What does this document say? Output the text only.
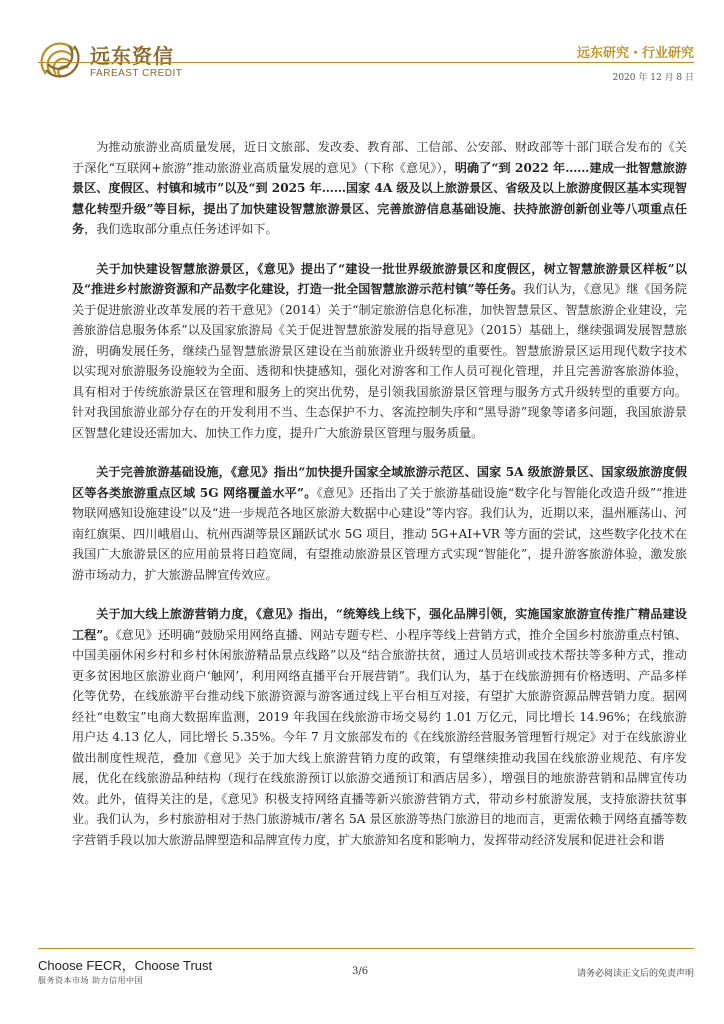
远东资信
FAREAST CREDIT
远东研究・行业研究
2020 年 12 月 8 日

为推动旅游业高质量发展，近日文旅部、发改委、教育部、工信部、公安部、财政部等十部门联合发布的《关于深化“互联网+旅游”推动旅游业高质量发展的意见》（下称《意见》），明确了“到 2022 年……建成一批智慧旅游景区、度假区、村镇和城市”以及“到 2025 年……国家 4A 级及以上旅游景区、省级及以上旅游度假区基本实现智慧化转型升级”等目标，提出了加快建设智慧旅游景区、完善旅游信息基础设施、扶持旅游创新创业等八项重点任务，我们选取部分重点任务述评如下。

关于加快建设智慧旅游景区，《意见》提出了“建设一批世界级旅游景区和度假区，树立智慧旅游景区样板”以及“推进乡村旅游资源和产品数字化建设，打造一批全国智慧旅游示范村镇”等任务。我们认为，《意见》继《国务院关于促进旅游业改革发展的若干意见》（2014）关于“制定旅游信息化标准，加快智慧景区、智慧旅游企业建设，完善旅游信息服务体系”以及国家旅游局《关于促进智慧旅游发展的指导意见》（2015）基础上，继续强调发展智慧旅游，明确发展任务，继续凸显智慧旅游景区建设在当前旅游业升级转型的重要性。智慧旅游景区运用现代数字技术以实现对旅游服务设施较为全面、透彻和快捷感知，强化对游客和工作人员可视化管理，并且完善游客旅游体验，具有相对于传统旅游景区在管理和服务上的突出优势，是引领我国旅游景区管理与服务方式升级转型的重要方向。针对我国旅游业部分存在的开发利用不当、生态保护不力、客流控制失序和“黑导游”现象等诸多问题，我国旅游景区智慧化建设还需加大、加快工作力度，提升广大旅游景区管理与服务质量。

关于完善旅游基础设施，《意见》指出“加快提升国家全域旅游示范区、国家 5A 级旅游景区、国家级旅游度假区等各类旅游重点区域 5G 网络覆盖水平”。《意见》还指出了关于旅游基础设施“数字化与智能化改造升级”“推进物联网感知设施建设”以及“进一步规范各地区旅游大数据中心建设”等内容。我们认为，近期以来，温州雁荡山、河南红旗渠、四川峨眉山、杭州西湖等景区踊跃试水 5G 项目，推动 5G+AI+VR 等方面的尝试，这些数字化技术在我国广大旅游景区的应用前景将日趋宽阔，有望推动旅游景区管理方式实现“智能化”，提升游客旅游体验，激发旅游市场动力，扩大旅游品牌宣传效应。

关于加大线上旅游营销力度，《意见》指出，“统筹线上线下，强化品牌引领，实施国家旅游宣传推广精品建设工程”。《意见》还明确“鼓励采用网络直播、网站专题专栏、小程序等线上营销方式，推介全国乡村旅游重点村镇、中国美丽休闲乡村和乡村休闲旅游精品景点线路”以及“结合旅游扶贫，通过人员培训或技术帮扶等多种方式，推动更多贫困地区旅游业商户‘触网’，利用网络直播平台开展营销”。我们认为，基于在线旅游拥有价格透明、产品多样化等优势，在线旅游平台推动线下旅游资源与游客通过线上平台相互对接，有望扩大旅游资源品牌营销力度。据网经社“电数宝”电商大数据库监测，2019 年我国在线旅游市场交易约 1.01 万亿元，同比增长 14.96%；在线旅游用户达 4.13 亿人，同比增长 5.35%。今年 7 月文旅部发布的《在线旅游经营服务管理暂行规定》对于在线旅游业做出制度性规范，叠加《意见》关于加大线上旅游营销力度的政策，有望继续推动我国在线旅游业规范、有序发展，优化在线旅游品种结构（现行在线旅游预订以旅游交通预订和酒店居多），增强目的地旅游营销和品牌宣传功效。此外，值得关注的是，《意见》积极支持网络直播等新兴旅游营销方式，带动乡村旅游发展，支持旅游扶贫事业。我们认为，乡村旅游相对于热门旅游城市/著名 5A 景区旅游等热门旅游目的地而言，更需依赖于网络直播等数字营销手段以加大旅游品牌塑造和品牌宣传力度，扩大旅游知名度和影响力，发挥带动经济发展和促进社会和谐

Choose FECR，Choose Trust
服务资本市场 助力信用中国
3/6	请务必阅读正文后的免责声明
